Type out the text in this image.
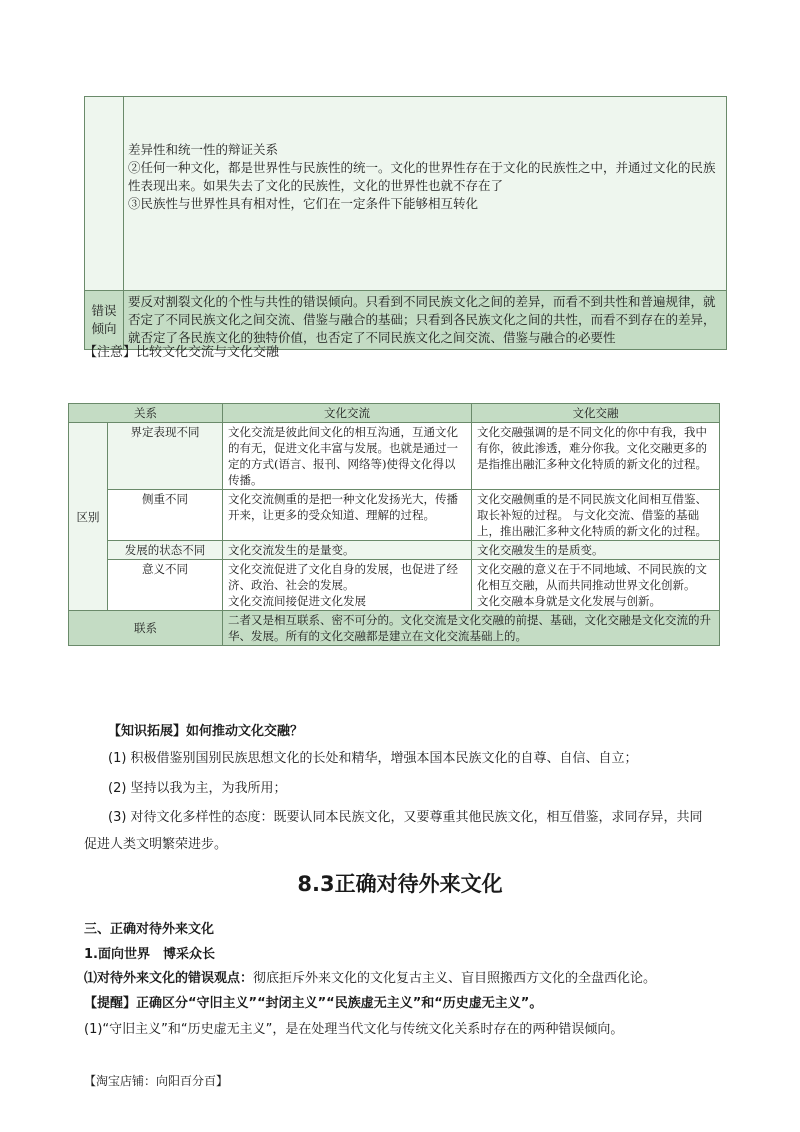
	差异性和统一性的辩证关系
②任何一种文化，都是世界性与民族性的统一。文化的世界性存在于文化的民族性之中，并通过文化的民族性表现出来。如果失去了文化的民族性，文化的世界性也就不存在了
③民族性与世界性具有相对性，它们在一定条件下能够相互转化

错误倾向	要反对割裂文化的个性与共性的错误倾向。只看到不同民族文化之间的差异，而看不到共性和普遍规律，就否定了不同民族文化之间交流、借鉴与融合的基础；只看到各民族文化之间的共性，而看不到存在的差异，就否定了各民族文化的独特价值，也否定了不同民族文化之间交流、借鉴与融合的必要性
【注意】比较文化交流与文化交融
关系		文化交流	文化交融
区别	界定表现不同	文化交流是彼此间文化的相互沟通，互通文化的有无，促进文化丰富与发展。也就是通过一定的方式(语言、报刊、网络等)使得文化得以传播。	文化交融强调的是不同文化的你中有我，我中有你，彼此渗透，难分你我。文化交融更多的是指推出融汇多种文化特质的新文化的过程。
	侧重不同	文化交流侧重的是把一种文化发扬光大，传播开来，让更多的受众知道、理解的过程。	文化交融侧重的是不同民族文化间相互借鉴、取长补短的过程。 与文化交流、借鉴的基础上，推出融汇多种文化特质的新文化的过程。
	发展的状态不同	文化交流发生的是量变。	文化交融发生的是质变。
	意义不同	文化交流促进了文化自身的发展，也促进了经济、政治、社会的发展。
文化交流间接促进文化发展	文化交融的意义在于不同地域、不同民族的文化相互交融，从而共同推动世界文化创新。
文化交融本身就是文化发展与创新。
联系		二者又是相互联系、密不可分的。文化交流是文化交融的前提、基础，文化交融是文化交流的升华、发展。所有的文化交融都是建立在文化交流基础上的。	
【知识拓展】如何推动文化交融？
(1) 积极借鉴别国别民族思想文化的长处和精华，增强本国本民族文化的自尊、自信、自立；
(2) 坚持以我为主，为我所用；
(3) 对待文化多样性的态度：既要认同本民族文化，又要尊重其他民族文化，相互借鉴，求同存异，共同
促进人类文明繁荣进步。
8.3正确对待外来文化
三、正确对待外来文化
1.面向世界　博采众长
⑴对待外来文化的错误观点：彻底拒斥外来文化的文化复古主义、盲目照搬西方文化的全盘西化论。
【提醒】正确区分“守旧主义”“封闭主义”“民族虚无主义”和“历史虚无主义”。
(1)“守旧主义”和“历史虚无主义”，是在处理当代文化与传统文化关系时存在的两种错误倾向。
【淘宝店铺：向阳百分百】
